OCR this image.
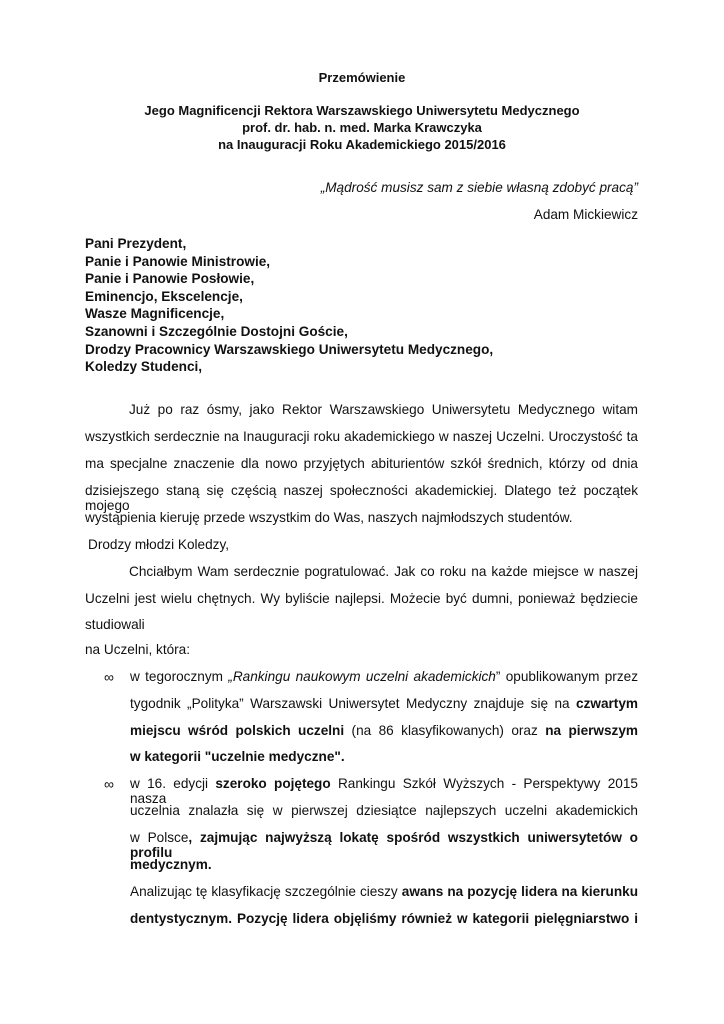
Przemówienie
Jego Magnificencji Rektora Warszawskiego Uniwersytetu Medycznego
prof. dr. hab. n. med. Marka Krawczyka
na Inauguracji Roku Akademickiego 2015/2016
„Mądrość musisz sam z siebie własną zdobyć pracą”
Adam Mickiewicz
Pani Prezydent,
Panie i Panowie Ministrowie,
Panie i Panowie Posłowie,
Eminencjo, Ekscelencje,
Wasze Magnificencje,
Szanowni i Szczególnie Dostojni Goście,
Drodzy Pracownicy Warszawskiego Uniwersytetu Medycznego,
Koledzy Studenci,
Już po raz ósmy, jako Rektor Warszawskiego Uniwersytetu Medycznego witam
wszystkich serdecznie na Inauguracji roku akademickiego w naszej Uczelni. Uroczystość ta
ma specjalne znaczenie dla nowo przyjętych abiturientów szkół średnich, którzy od dnia
dzisiejszego staną się częścią naszej społeczności akademickiej. Dlatego też początek mojego
wystąpienia kieruję przede wszystkim do Was, naszych najmłodszych studentów.
Drodzy młodzi Koledzy,
Chciałbym Wam serdecznie pogratulować. Jak co roku na każde miejsce w naszej
Uczelni jest wielu chętnych. Wy byliście najlepsi. Możecie być dumni, ponieważ będziecie
studiowali
na Uczelni, która:
∞ w tegorocznym „Rankingu naukowym uczelni akademickich” opublikowanym przez
tygodnik „Polityka” Warszawski Uniwersytet Medyczny znajduje się na czwartym
miejscu wśród polskich uczelni (na 86 klasyfikowanych) oraz na pierwszym
w kategorii "uczelnie medyczne".
∞ w 16. edycji szeroko pojętego Rankingu Szkół Wyższych - Perspektywy 2015 nasza
uczelnia znalazła się w pierwszej dziesiątce najlepszych uczelni akademickich
w Polsce, zajmując najwyższą lokatę spośród wszystkich uniwersytetów o profilu
medycznym.
Analizując tę klasyfikację szczególnie cieszy awans na pozycję lidera na kierunku
dentystycznym. Pozycję lidera objęliśmy również w kategorii pielęgniarstwo i
